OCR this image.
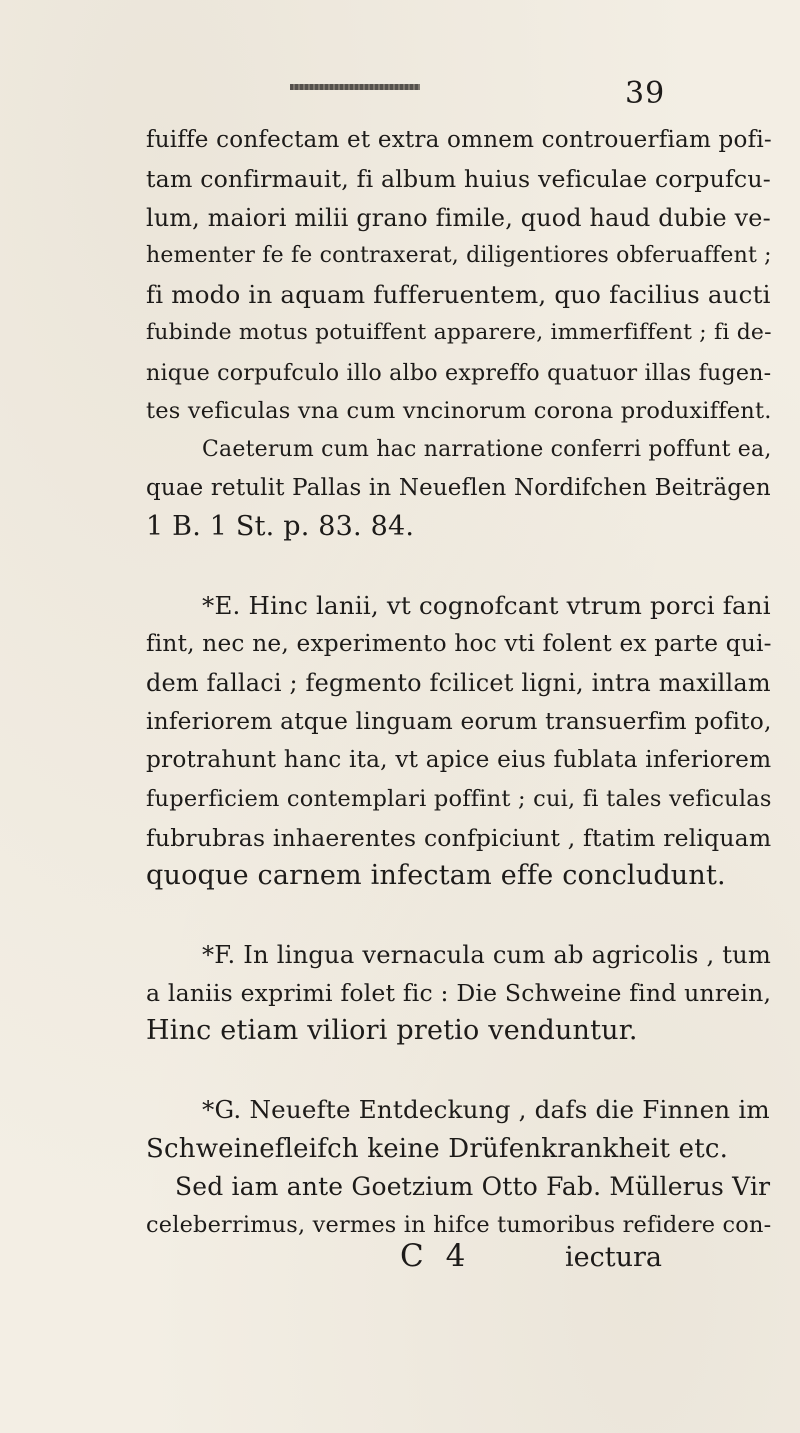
39
fuiffe confectam et extra omnem controuerfiam pofi-
tam confirmauit, fi album huius veficulae corpufcu-
lum, maiori milii grano fimile, quod haud dubie ve-
hementer fe fe contraxerat, diligentiores obferuaffent ;
fi modo in aquam fufferuentem, quo facilius aucti
fubinde motus potuiffent apparere, immerfiffent ; fi de-
nique corpufculo illo albo expreffo quatuor illas fugen-
tes veficulas vna cum vncinorum corona produxiffent.
Caeterum cum hac narratione conferri poffunt ea,
quae retulit Pallas in Neueflen Nordifchen Beiträgen
1 B. 1 St. p. 83. 84.
*E. Hinc lanii, vt cognofcant vtrum porci fani
fint, nec ne, experimento hoc vti folent ex parte qui-
dem fallaci ; fegmento fcilicet ligni, intra maxillam
inferiorem atque linguam eorum transuerfim pofito,
protrahunt hanc ita, vt apice eius fublata inferiorem
fuperficiem contemplari poffint ; cui, fi tales veficulas
fubrubras inhaerentes confpiciunt , ftatim reliquam
quoque carnem infectam effe concludunt.
*F. In lingua vernacula cum ab agricolis , tum
a laniis exprimi folet fic : Die Schweine find unrein,
Hinc etiam viliori pretio venduntur.
*G. Neuefte Entdeckung , dafs die Finnen im
Schweinefleifch keine Drüfenkrankheit etc.
Sed iam ante Goetzium Otto Fab. Müllerus Vir
celeberrimus, vermes in hifce tumoribus refidere con-
C 4	iectura
